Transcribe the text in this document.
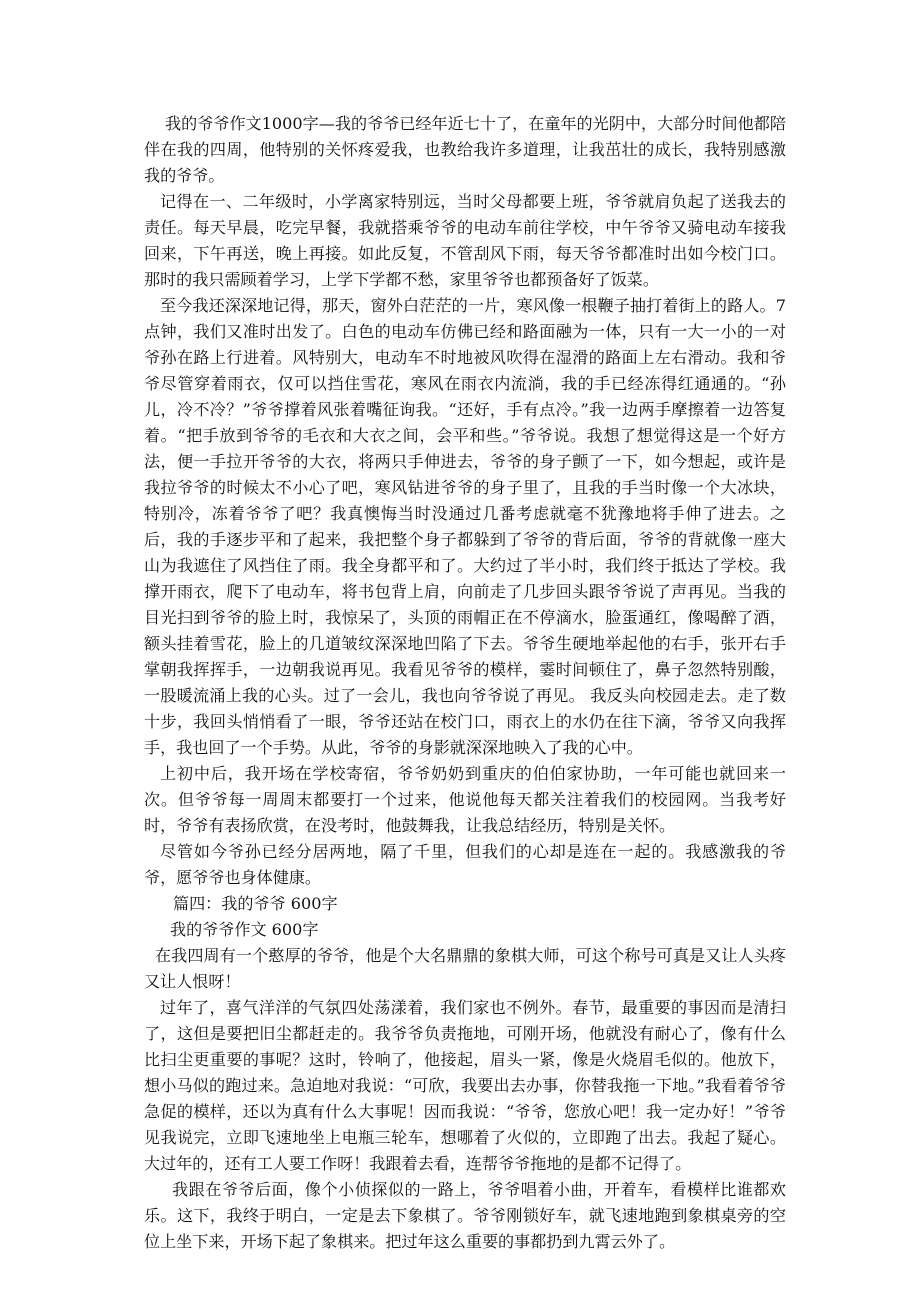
我的爷爷作文1000字—我的爷爷已经年近七十了，在童年的光阴中，大部分时间他都陪伴在我的四周，他特别的关怀疼爱我，也教给我许多道理，让我茁壮的成长，我特别感激我的爷爷。

记得在一、二年级时，小学离家特别远，当时父母都要上班，爷爷就肩负起了送我去的责任。每天早晨，吃完早餐，我就搭乘爷爷的电动车前往学校，中午爷爷又骑电动车接我回来，下午再送，晚上再接。如此反复，不管刮风下雨，每天爷爷都准时出如今校门口。那时的我只需顾着学习，上学下学都不愁，家里爷爷也都预备好了饭菜。

至今我还深深地记得，那天，窗外白茫茫的一片，寒风像一根鞭子抽打着街上的路人。7点钟，我们又准时出发了。白色的电动车仿佛已经和路面融为一体，只有一大一小的一对爷孙在路上行进着。风特别大，电动车不时地被风吹得在湿滑的路面上左右滑动。我和爷爷尽管穿着雨衣，仅可以挡住雪花，寒风在雨衣内流淌，我的手已经冻得红通通的。“孙儿，冷不冷？”爷爷撑着风张着嘴征询我。“还好，手有点冷。”我一边两手摩擦着一边答复着。“把手放到爷爷的毛衣和大衣之间，会平和些。”爷爷说。我想了想觉得这是一个好方法，便一手拉开爷爷的大衣，将两只手伸进去，爷爷的身子颤了一下，如今想起，或许是我拉爷爷的时候太不小心了吧，寒风钻进爷爷的身子里了，且我的手当时像一个大冰块，特别冷，冻着爷爷了吧？我真懊悔当时没通过几番考虑就毫不犹豫地将手伸了进去。之后，我的手逐步平和了起来，我把整个身子都躲到了爷爷的背后面，爷爷的背就像一座大山为我遮住了风挡住了雨。我全身都平和了。大约过了半小时，我们终于抵达了学校。我撑开雨衣，爬下了电动车，将书包背上肩，向前走了几步回头跟爷爷说了声再见。当我的目光扫到爷爷的脸上时，我惊呆了，头顶的雨帽正在不停滴水，脸蛋通红，像喝醉了酒，额头挂着雪花，脸上的几道皱纹深深地凹陷了下去。爷爷生硬地举起他的右手，张开右手掌朝我挥挥手，一边朝我说再见。我看见爷爷的模样，霎时间顿住了，鼻子忽然特别酸，一股暖流涌上我的心头。过了一会儿，我也向爷爷说了再见。 我反头向校园走去。走了数十步，我回头悄悄看了一眼，爷爷还站在校门口，雨衣上的水仍在往下滴，爷爷又向我挥手，我也回了一个手势。从此，爷爷的身影就深深地映入了我的心中。

上初中后，我开场在学校寄宿，爷爷奶奶到重庆的伯伯家协助，一年可能也就回来一次。但爷爷每一周周末都要打一个过来，他说他每天都关注着我们的校园网。当我考好时，爷爷有表扬欣赏，在没考时，他鼓舞我，让我总结经历，特别是关怀。

尽管如今爷孙已经分居两地，隔了千里，但我们的心却是连在一起的。我感激我的爷爷，愿爷爷也身体健康。

篇四：我的爷爷 600字

我的爷爷作文 600字

在我四周有一个憨厚的爷爷，他是个大名鼎鼎的象棋大师，可这个称号可真是又让人头疼又让人恨呀！

过年了，喜气洋洋的气氛四处荡漾着，我们家也不例外。春节，最重要的事因而是清扫了，这但是要把旧尘都赶走的。我爷爷负责拖地，可刚开场，他就没有耐心了，像有什么比扫尘更重要的事呢？这时，铃响了，他接起，眉头一紧，像是火烧眉毛似的。他放下，想小马似的跑过来。急迫地对我说：“可欣，我要出去办事，你替我拖一下地。”我看着爷爷急促的模样，还以为真有什么大事呢！因而我说：“爷爷，您放心吧！我一定办好！”爷爷见我说完，立即飞速地坐上电瓶三轮车，想哪着了火似的，立即跑了出去。我起了疑心。大过年的，还有工人要工作呀！我跟着去看，连帮爷爷拖地的是都不记得了。

我跟在爷爷后面，像个小侦探似的一路上，爷爷唱着小曲，开着车，看模样比谁都欢乐。这下，我终于明白，一定是去下象棋了。爷爷刚锁好车，就飞速地跑到象棋桌旁的空位上坐下来，开场下起了象棋来。把过年这么重要的事都扔到九霄云外了。
